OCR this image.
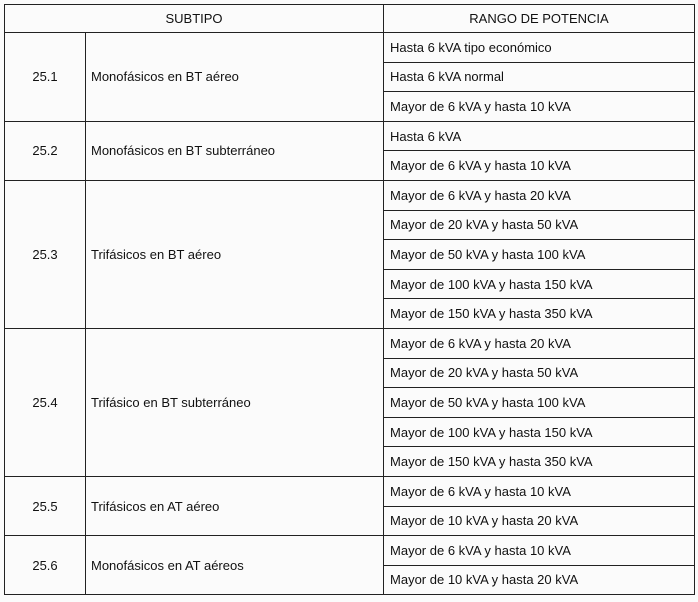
SUBTIPO		RANGO DE POTENCIA
25.1	Monofásicos en BT aéreo	Hasta 6 kVA tipo económico
		Hasta 6 kVA normal
		Mayor de 6 kVA y hasta 10 kVA
25.2	Monofásicos en BT subterráneo	Hasta 6 kVA
		Mayor de 6 kVA y hasta 10 kVA
25.3	Trifásicos en BT aéreo	Mayor de 6 kVA y hasta 20 kVA
		Mayor de 20 kVA y hasta 50 kVA
		Mayor de 50 kVA y hasta 100 kVA
		Mayor de 100 kVA y hasta 150 kVA
		Mayor de 150 kVA y hasta 350 kVA
25.4	Trifásico en BT subterráneo	Mayor de 6 kVA y hasta 20 kVA
		Mayor de 20 kVA y hasta 50 kVA
		Mayor de 50 kVA y hasta 100 kVA
		Mayor de 100 kVA y hasta 150 kVA
		Mayor de 150 kVA y hasta 350 kVA
25.5	Trifásicos en AT aéreo	Mayor de 6 kVA y hasta 10 kVA
		Mayor de 10 kVA y hasta 20 kVA
25.6	Monofásicos en AT aéreos	Mayor de 6 kVA y hasta 10 kVA
		Mayor de 10 kVA y hasta 20 kVA
